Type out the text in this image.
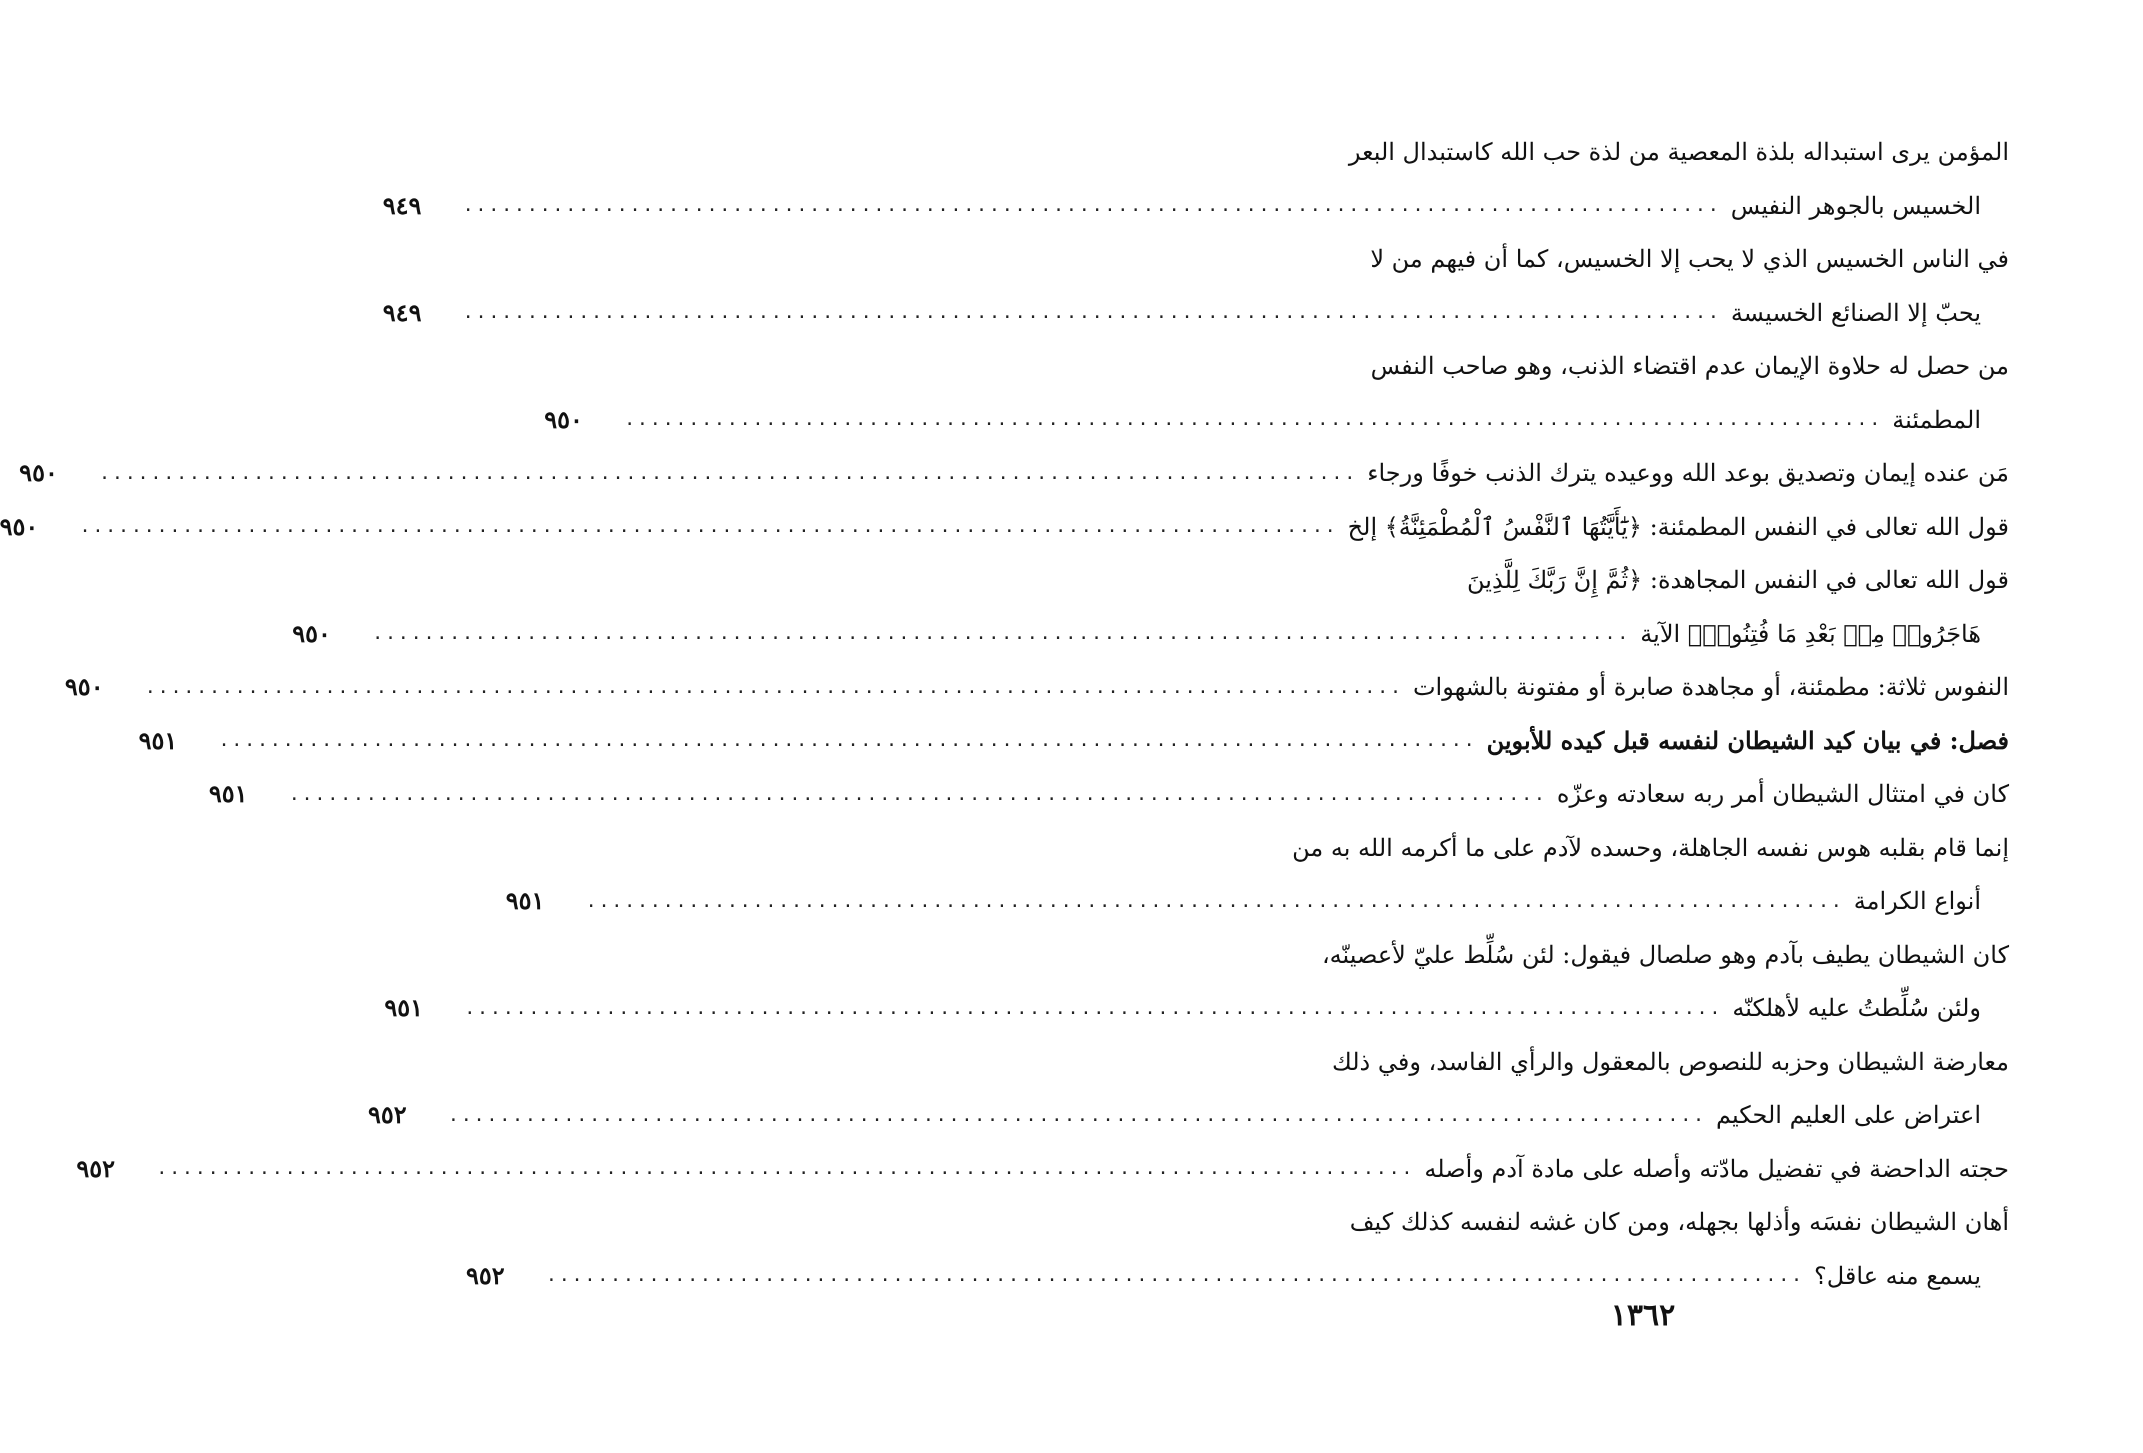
المؤمن يرى استبداله بلذة المعصية من لذة حب الله كاستبدال البعر
الخسيس بالجوهر النفيس
..................................................................................................
٩٤٩
في الناس الخسيس الذي لا يحب إلا الخسيس، كما أن فيهم من لا
يحبّ إلا الصنائع الخسيسة
..................................................................................................
٩٤٩
من حصل له حلاوة الإيمان عدم اقتضاء الذنب، وهو صاحب النفس
المطمئنة
..................................................................................................
٩٥٠
مَن عنده إيمان وتصديق بوعد الله ووعيده يترك الذنب خوفًا ورجاء
..................................................................................................
٩٥٠
قول الله تعالى في النفس المطمئنة: ﴿يَٰٓأَيَّتُهَا ٱلنَّفْسُ ٱلْمُطْمَئِنَّةُ﴾ إلخ
..................................................................................................
٩٥٠
قول الله تعالى في النفس المجاهدة: ﴿ثُمَّ إِنَّ رَبَّكَ لِلَّذِينَ
هَاجَرُوا۟ مِنۢ بَعْدِ مَا فُتِنُوا۟﴾ الآية
..................................................................................................
٩٥٠
النفوس ثلاثة: مطمئنة، أو مجاهدة صابرة أو مفتونة بالشهوات
..................................................................................................
٩٥٠
فصل: في بيان كيد الشيطان لنفسه قبل كيده للأبوين
..................................................................................................
٩٥١
كان في امتثال الشيطان أمر ربه سعادته وعزّه
..................................................................................................
٩٥١
إنما قام بقلبه هوس نفسه الجاهلة، وحسده لآدم على ما أكرمه الله به من
أنواع الكرامة
..................................................................................................
٩٥١
كان الشيطان يطيف بآدم وهو صلصال فيقول: لئن سُلِّط عليّ لأعصينّه،
ولئن سُلِّطتُ عليه لأهلكنّه
..................................................................................................
٩٥١
معارضة الشيطان وحزبه للنصوص بالمعقول والرأي الفاسد، وفي ذلك
اعتراض على العليم الحكيم
..................................................................................................
٩٥٢
حجته الداحضة في تفضيل مادّته وأصله على مادة آدم وأصله
..................................................................................................
٩٥٢
أهان الشيطان نفسَه وأذلها بجهله، ومن كان غشه لنفسه كذلك كيف
يسمع منه عاقل؟
..................................................................................................
٩٥٢
١٣٦٢
